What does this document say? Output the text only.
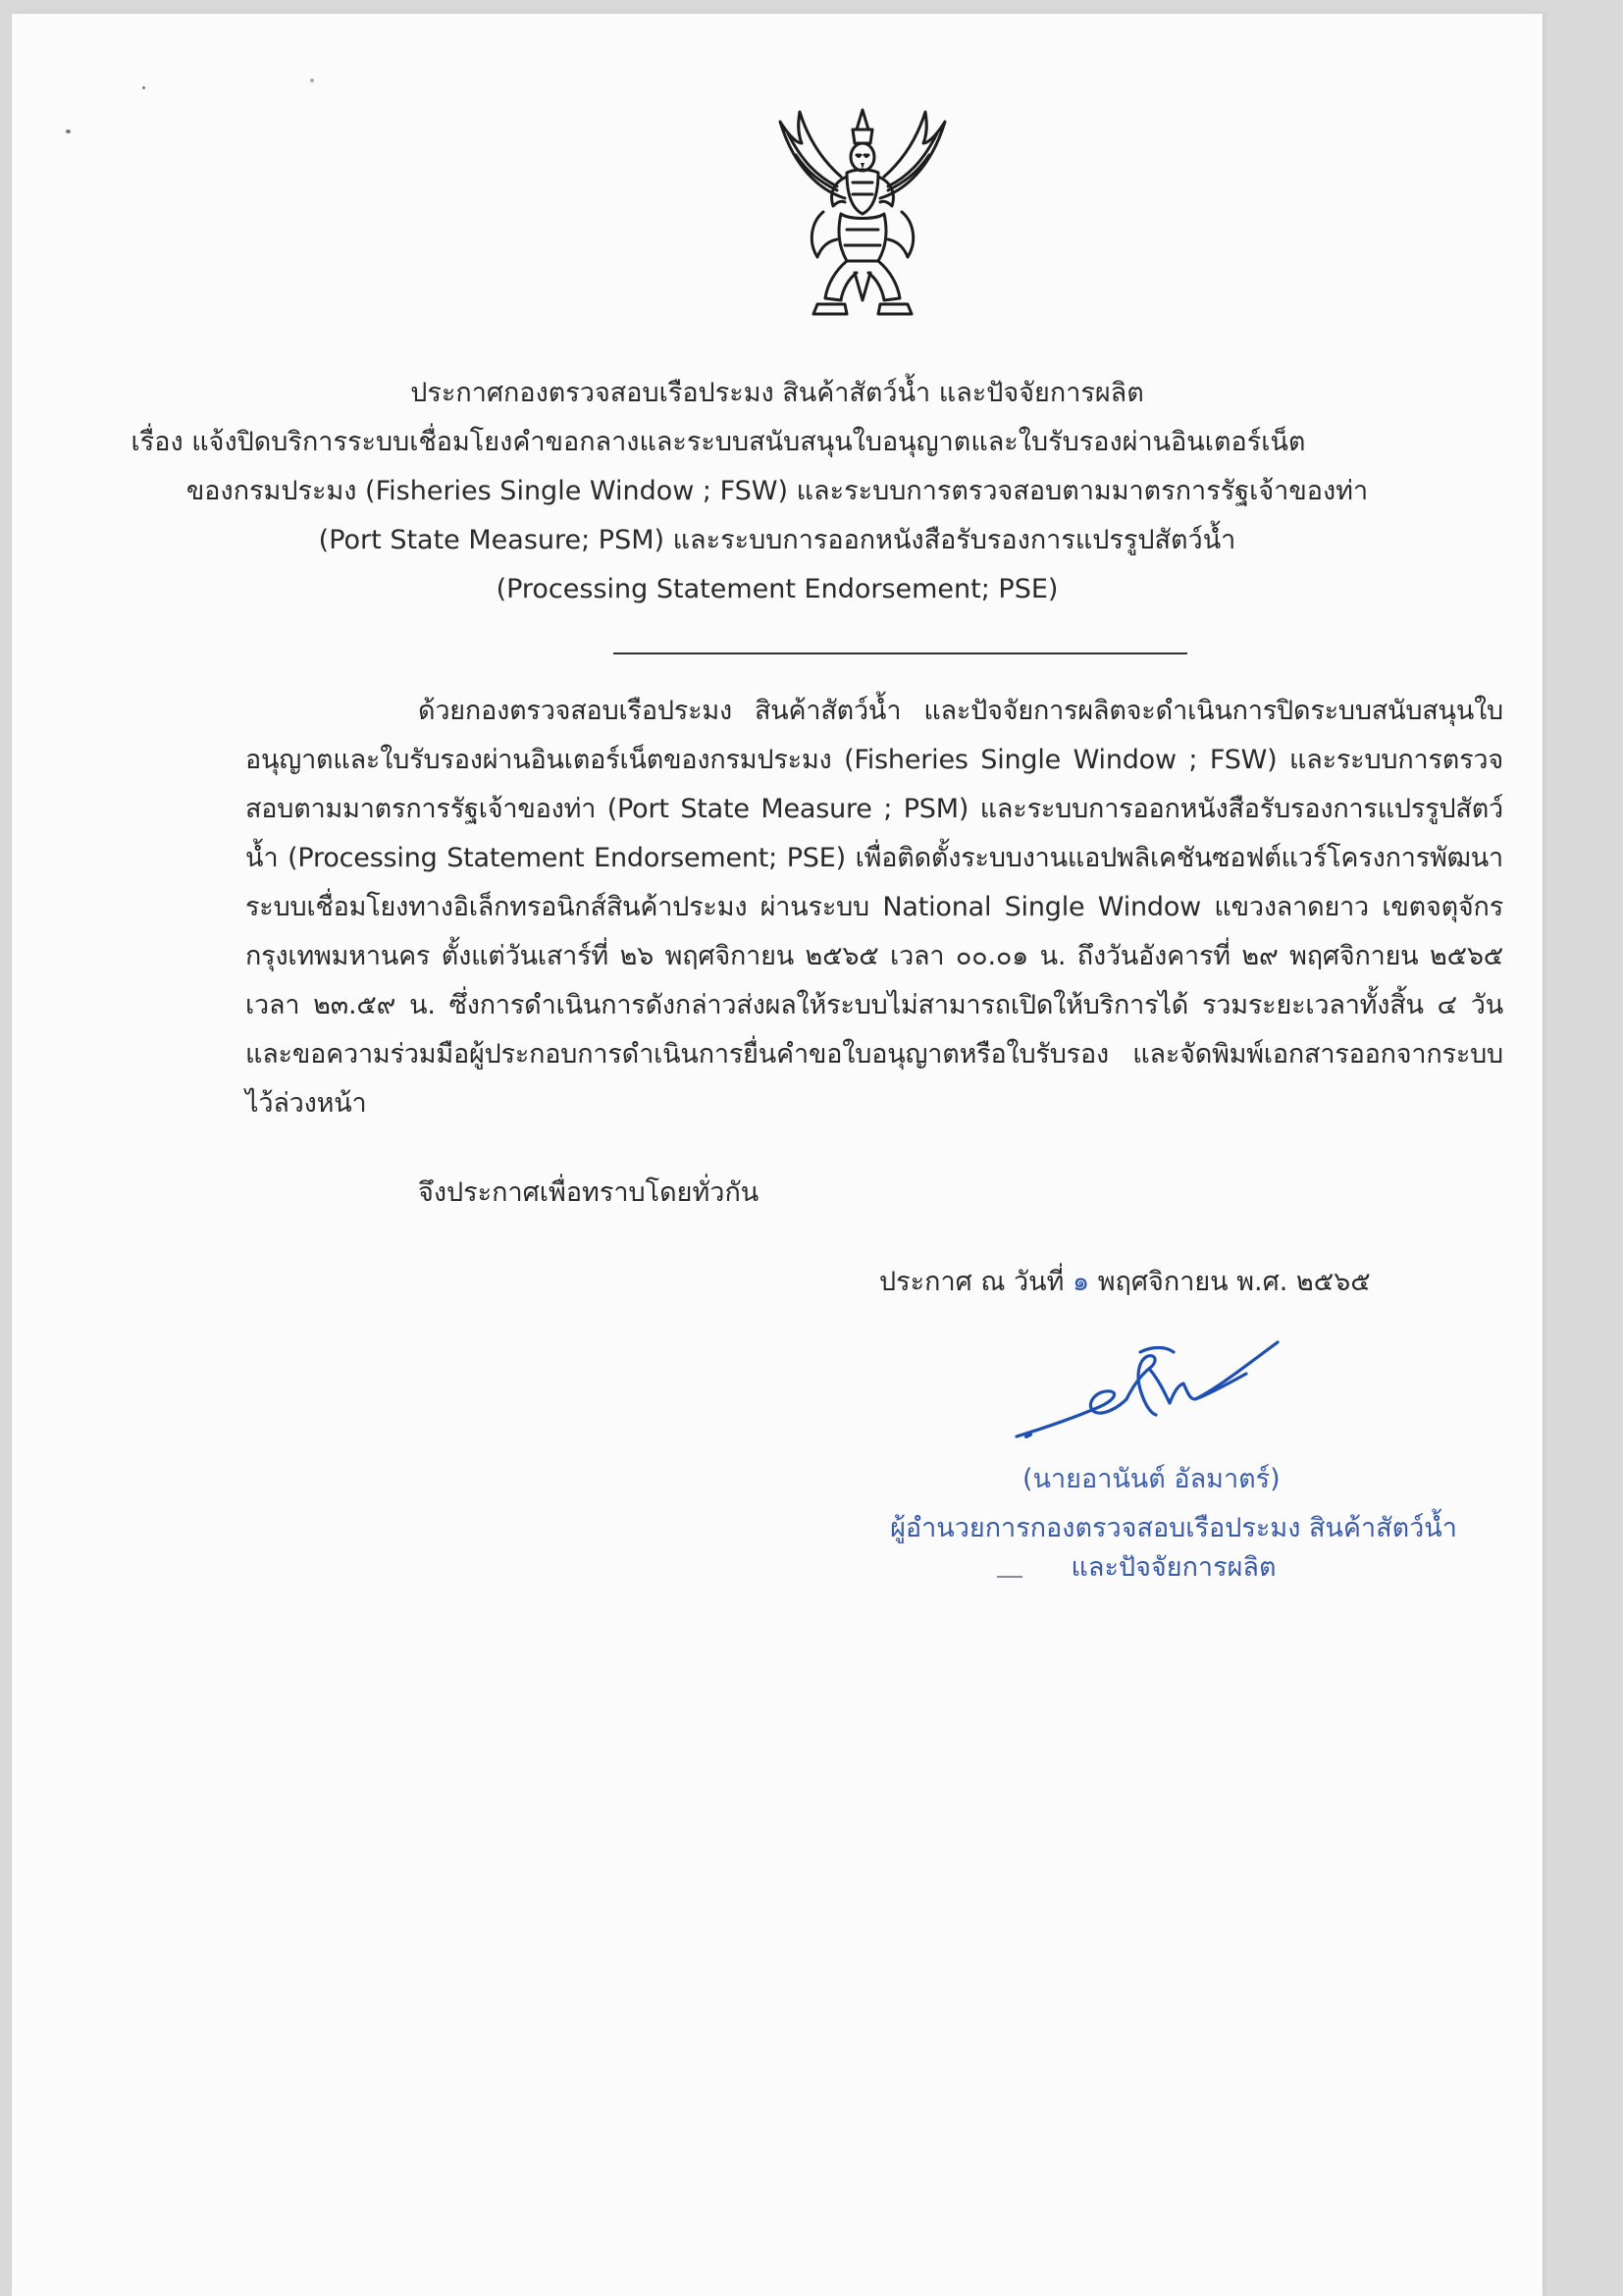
ประกาศกองตรวจสอบเรือประมง สินค้าสัตว์น้ำ และปัจจัยการผลิต
เรื่อง แจ้งปิดบริการระบบเชื่อมโยงคำขอกลางและระบบสนับสนุนใบอนุญาตและใบรับรองผ่านอินเตอร์เน็ต
ของกรมประมง (Fisheries Single Window ; FSW) และระบบการตรวจสอบตามมาตรการรัฐเจ้าของท่า
(Port State Measure; PSM) และระบบการออกหนังสือรับรองการแปรรูปสัตว์น้ำ
(Processing Statement Endorsement; PSE)

ด้วยกองตรวจสอบเรือประมง สินค้าสัตว์น้ำ และปัจจัยการผลิตจะดำเนินการปิดระบบสนับสนุนใบอนุญาตและใบรับรองผ่านอินเตอร์เน็ตของกรมประมง (Fisheries Single Window ; FSW) และระบบการตรวจสอบตามมาตรการรัฐเจ้าของท่า (Port State Measure ; PSM) และระบบการออกหนังสือรับรองการแปรรูปสัตว์น้ำ (Processing Statement Endorsement; PSE) เพื่อติดตั้งระบบงานแอปพลิเคชันซอฟต์แวร์โครงการพัฒนาระบบเชื่อมโยงทางอิเล็กทรอนิกส์สินค้าประมง ผ่านระบบ National Single Window แขวงลาดยาว เขตจตุจักร กรุงเทพมหานคร ตั้งแต่วันเสาร์ที่ ๒๖ พฤศจิกายน ๒๕๖๕ เวลา ๐๐.๐๑ น. ถึงวันอังคารที่ ๒๙ พฤศจิกายน ๒๕๖๕ เวลา ๒๓.๕๙ น. ซึ่งการดำเนินการดังกล่าวส่งผลให้ระบบไม่สามารถเปิดให้บริการได้ รวมระยะเวลาทั้งสิ้น ๔ วัน และขอความร่วมมือผู้ประกอบการดำเนินการยื่นคำขอใบอนุญาตหรือใบรับรอง และจัดพิมพ์เอกสารออกจากระบบไว้ล่วงหน้า

จึงประกาศเพื่อทราบโดยทั่วกัน
ประกาศ ณ วันที่ ๑ พฤศจิกายน พ.ศ. ๒๕๖๕
(นายอานันต์ อัลมาตร์)
ผู้อำนวยการกองตรวจสอบเรือประมง สินค้าสัตว์น้ำ
และปัจจัยการผลิต
